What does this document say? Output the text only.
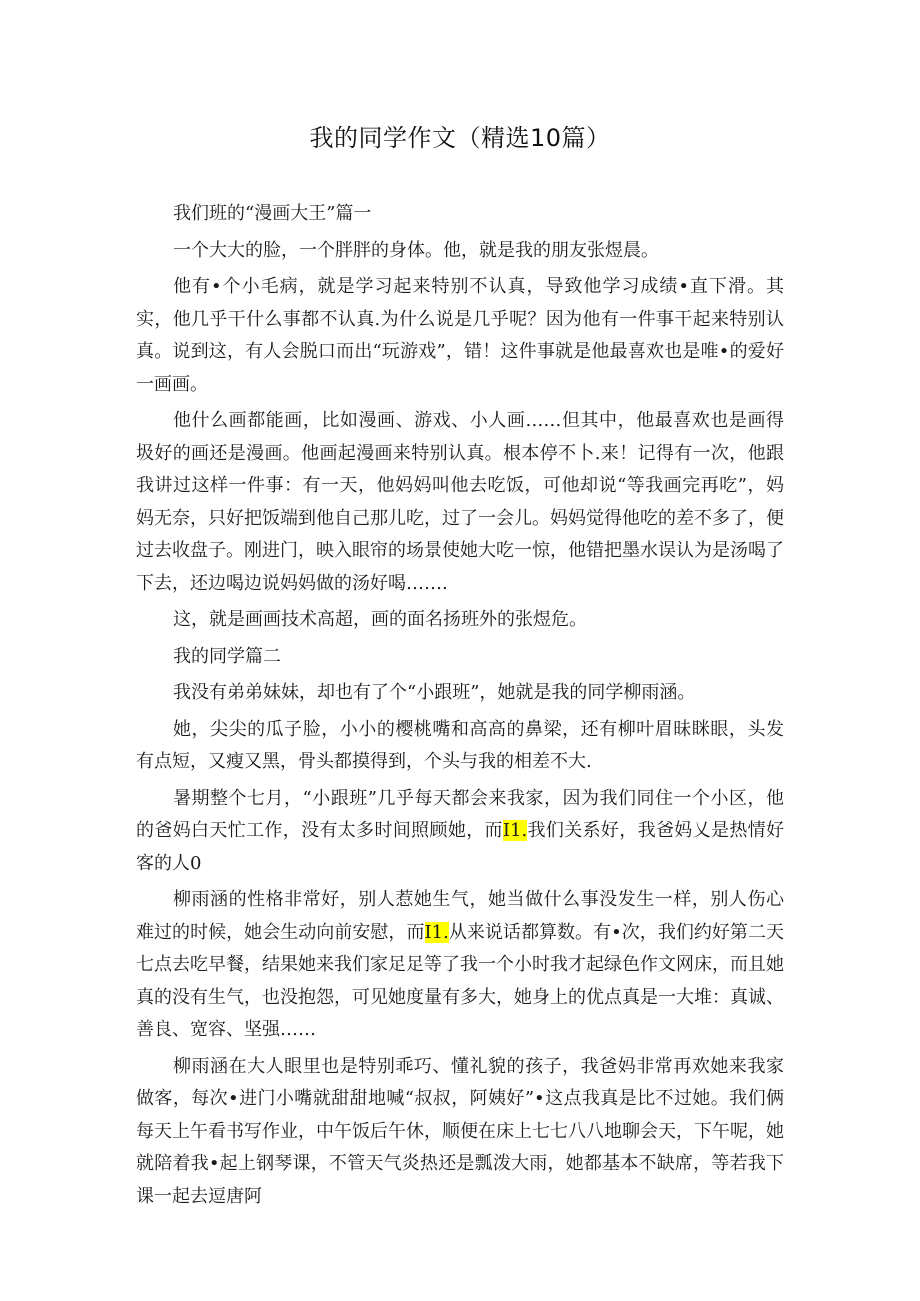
我的同学作文（精选10篇）

我们班的“漫画大王”篇一

一个大大的脸，一个胖胖的身体。他，就是我的朋友张煜晨。

他有•个小毛病，就是学习起来特别不认真，导致他学习成绩•直下滑。其实，他几乎干什么事都不认真.为什么说是几乎呢？因为他有一件事干起来特别认真。说到这，有人会脱口而出“玩游戏”，错！这件事就是他最喜欢也是唯•的爱好一画画。

他什么画都能画，比如漫画、游戏、小人画……但其中，他最喜欢也是画得圾好的画还是漫画。他画起漫画来特别认真。根本停不卜.来！记得有一次，他跟我讲过这样一件事：有一天，他妈妈叫他去吃饭，可他却说“等我画完再吃”，妈妈无奈，只好把饭端到他自己那儿吃，过了一会儿。妈妈觉得他吃的差不多了，便过去收盘子。刚进门，映入眼帘的场景使她大吃一惊，他错把墨水误认为是汤喝了下去，还边喝边说妈妈做的汤好喝…….

这，就是画画技术高超，画的面名扬班外的张煜危。

我的同学篇二

我没有弟弟妹妹，却也有了个“小跟班”，她就是我的同学柳雨涵。

她，尖尖的瓜子脸，小小的樱桃嘴和高高的鼻梁，还有柳叶眉昧眯眼，头发有点短，又瘦又黑，骨头都摸得到，个头与我的相差不大.

暑期整个七月，“小跟班”几乎每天都会来我家，因为我们同住一个小区，他的爸妈白天忙工作，没有太多时间照顾她，而I1.我们关系好，我爸妈乂是热情好客的人0

柳雨涵的性格非常好，别人惹她生气，她当做什么事没发生一样，别人伤心难过的时候，她会生动向前安慰，而I1.从来说话都算数。有•次，我们约好第二天七点去吃早餐，结果她来我们家足足等了我一个小时我才起绿色作文网床，而且她真的没有生气，也没抱怨，可见她度量有多大，她身上的优点真是一大堆：真诚、善良、宽容、坚强……

柳雨涵在大人眼里也是特别乖巧、懂礼貌的孩子，我爸妈非常再欢她来我家做客，每次•进门小嘴就甜甜地喊“叔叔，阿姨好”•这点我真是比不过她。我们俩每天上午看书写作业，中午饭后午休，顺便在床上七七八八地聊会天，下午呢，她就陪着我•起上钢琴课，不管天气炎热还是瓢泼大雨，她都基本不缺席，等若我下课一起去逗唐阿
